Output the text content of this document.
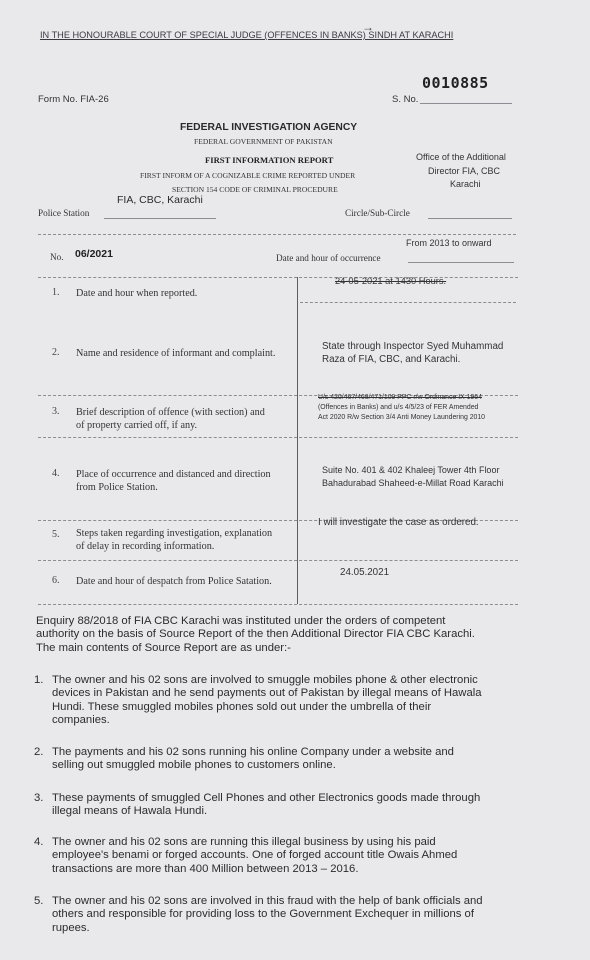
IN THE HONOURABLE COURT OF SPECIAL JUDGE (OFFENCES IN BANKS) SINDH AT KARACHI
→
Form No. FIA-26
0010885
S. No.
FEDERAL INVESTIGATION AGENCY
FEDERAL GOVERNMENT OF PAKISTAN
FIRST INFORMATION REPORT
FIRST INFORM OF A COGNIZABLE CRIME REPORTED UNDER
SECTION 154 CODE OF CRIMINAL PROCEDURE
Office of the Additional
Director FIA, CBC
Karachi
FIA, CBC, Karachi
Police Station	Circle/Sub-Circle
From 2013 to onward
No. 06/2021	Date and hour of occurrence
1. Date and hour when reported.
24-05-2021 at 1430 Hours.
2. Name and residence of informant and complaint.
State through Inspector Syed Muhammad
Raza of FIA, CBC, and Karachi.
3. Brief description of offence (with section) and
of property carried off, if any.
U/s 420/467/468/471/109 PPC r/w Ordinance IX 1964
(Offences in Banks) and u/s 4/5/23 of FER Amended
Act 2020 R/w Section 3/4 Anti Money Laundering 2010
4. Place of occurrence and distanced and direction
from Police Station.
Suite No. 401 & 402 Khaleej Tower 4th Floor
Bahadurabad Shaheed-e-Millat Road Karachi
5. Steps taken regarding investigation, explanation
of delay in recording information.
I will investigate the case as ordered.
6. Date and hour of despatch from Police Satation.
24.05.2021
Enquiry 88/2018 of FIA CBC Karachi was instituted under the orders of competent
authority on the basis of Source Report of the then Additional Director FIA CBC Karachi.
The main contents of Source Report are as under:-
1. The owner and his 02 sons are involved to smuggle mobiles phone & other electronic
devices in Pakistan and he send payments out of Pakistan by illegal means of Hawala
Hundi. These smuggled mobiles phones sold out under the umbrella of their
companies.
2. The payments and his 02 sons running his online Company under a website and
selling out smuggled mobile phones to customers online.
3. These payments of smuggled Cell Phones and other Electronics goods made through
illegal means of Hawala Hundi.
4. The owner and his 02 sons are running this illegal business by using his paid
employee's benami or forged accounts. One of forged account title Owais Ahmed
transactions are more than 400 Million between 2013 – 2016.
5. The owner and his 02 sons are involved in this fraud with the help of bank officials and
others and responsible for providing loss to the Government Exchequer in millions of
rupees.
